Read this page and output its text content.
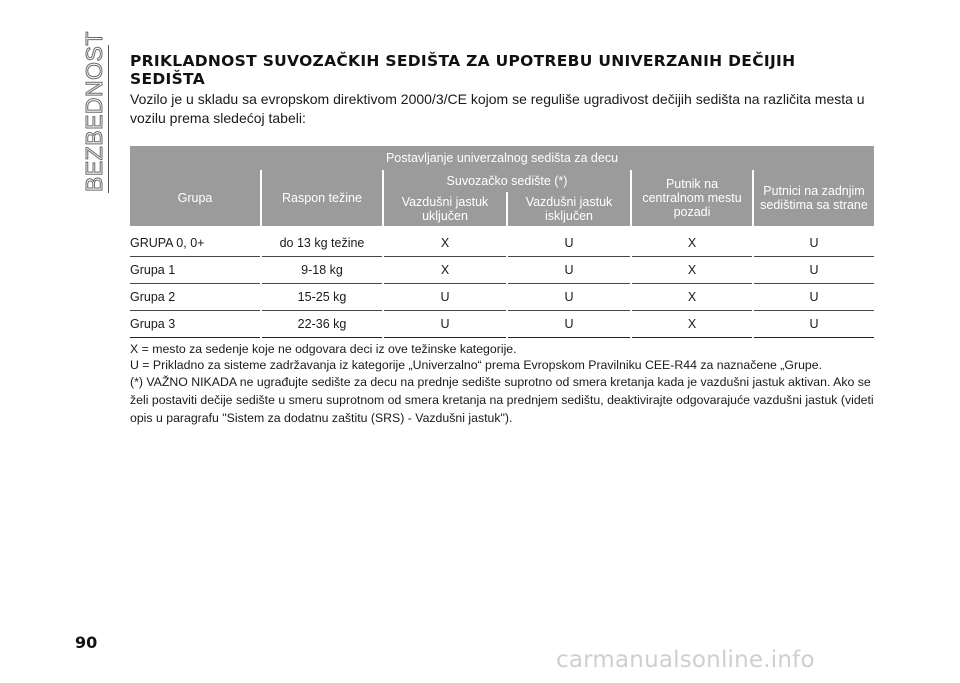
BEZBEDNOST PRIKLADNOST SUVOZAČKIH SEDIŠTA ZA UPOTREBU UNIVERZANIH DEČIJIH SEDIŠTA

Vozilo je u skladu sa evropskom direktivom 2000/3/CE kojom se reguliše ugradivost dečijih sedišta na različita mesta u vozilu prema sledećoj tabeli:

Postavljanje univerzalnog sedišta za decu					
Grupa	Raspon težine	Suvozačko sedište (*)		Putnik na centralnom mestu pozadi	Putnici na zadnjim sedištima sa strane
		Vazdušni jastuk uključen	Vazdušni jastuk isključen		
GRUPA 0, 0+	do 13 kg težine	X	U	X	U
Grupa 1	9-18 kg	X	U	X	U
Grupa 2	15-25 kg	U	U	X	U
Grupa 3	22-36 kg	U	U	X	U
X = mesto za sedenje koje ne odgovara deci iz ove težinske kategorije.
U = Prikladno za sisteme zadržavanja iz kategorije „Univerzalno“ prema Evropskom Pravilniku CEE-R44 za naznačene „Grupe.
(*) VAŽNO NIKADA ne ugrađujte sedište za decu na prednje sedište suprotno od smera kretanja kada je vazdušni jastuk aktivan. Ako se želi postaviti dečije sedište u smeru suprotnom od smera kretanja na prednjem sedištu, deaktivirajte odgovarajuće vazdušni jastuk (videti opis u paragrafu "Sistem za dodatnu zaštitu (SRS) - Vazdušni jastuk").
90
carmanualsonline.info
